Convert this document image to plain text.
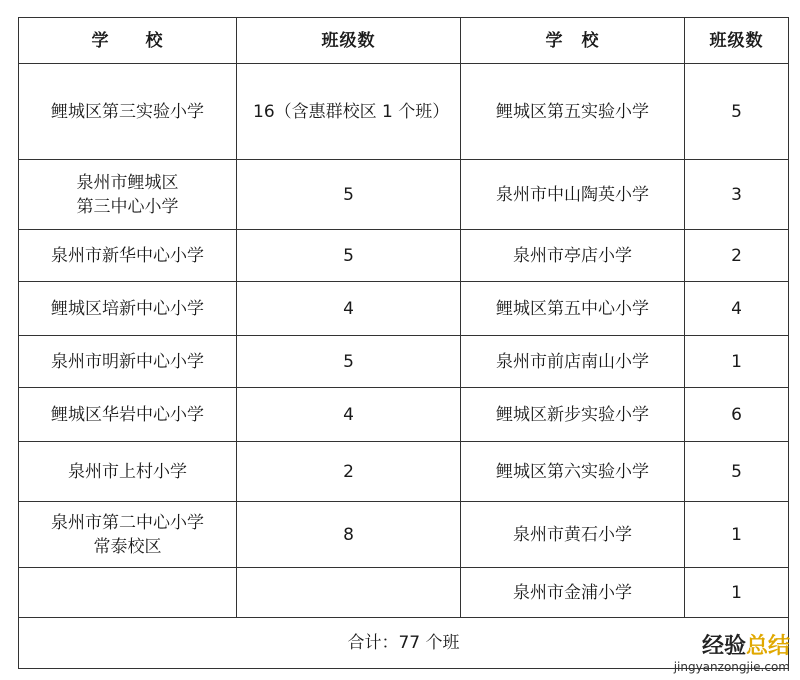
学　　校	班级数	学　校	班级数
鲤城区第三实验小学	16（含惠群校区 1 个班）	鲤城区第五实验小学	5
泉州市鲤城区
第三中心小学	5	泉州市中山陶英小学	3
泉州市新华中心小学	5	泉州市亭店小学	2
鲤城区培新中心小学	4	鲤城区第五中心小学	4
泉州市明新中心小学	5	泉州市前店南山小学	1
鲤城区华岩中心小学	4	鲤城区新步实验小学	6
泉州市上村小学	2	鲤城区第六实验小学	5
泉州市第二中心小学
常泰校区	8	泉州市黄石小学	1
		泉州市金浦小学	1
合计：77 个班				经验总结
jingyanzongjie.com
